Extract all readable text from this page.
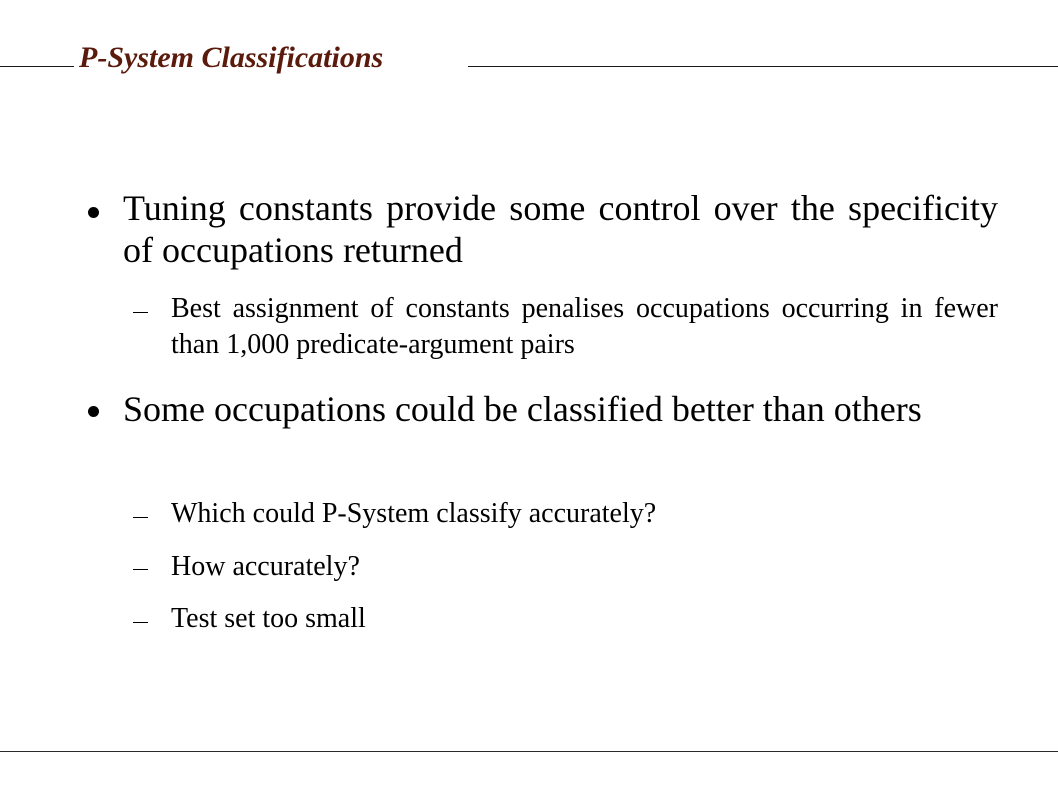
P-System Classifications
Tuning constants provide some control over the specificity of occupations returned
Best assignment of constants penalises occupations occurring in fewer than 1,000 predicate-argument pairs
Some occupations could be classified better than others
Which could P-System classify accurately?
How accurately?
Test set too small
